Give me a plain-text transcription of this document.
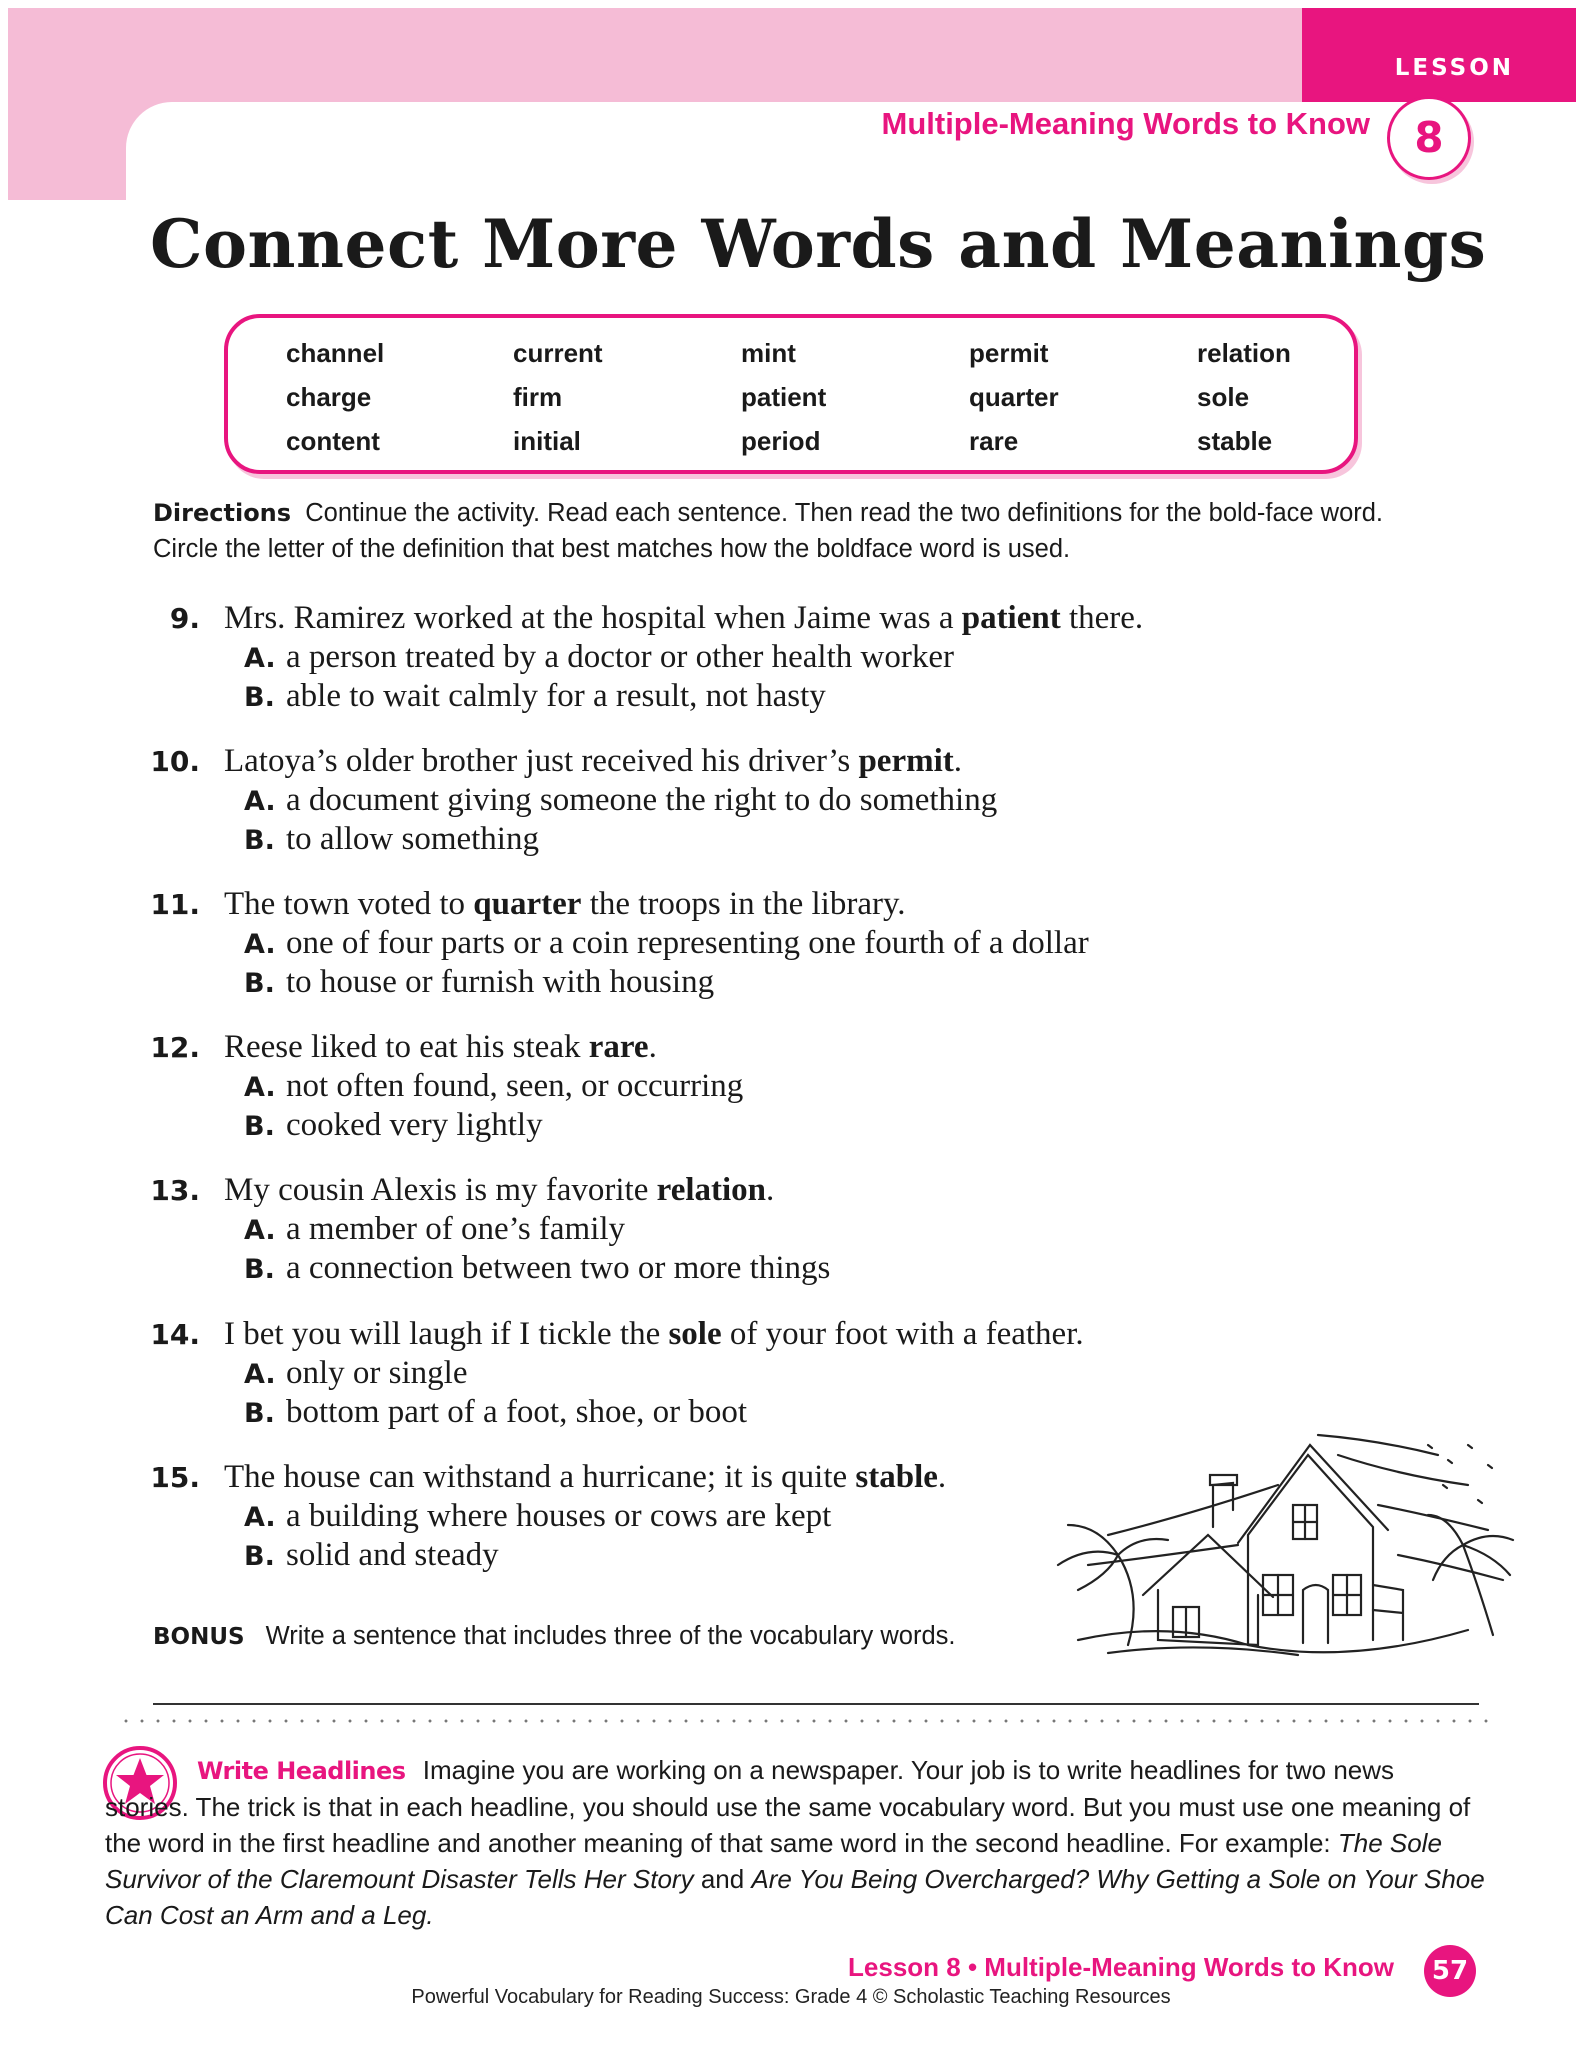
LESSON
Multiple-Meaning Words to Know	8
Connect More Words and Meanings
channel
charge
content
current
firm
initial
mint
patient
period
permit
quarter
rare
relation
sole
stable

Directions Continue the activity. Read each sentence. Then read the two definitions for the bold-face word. Circle the letter of the definition that best matches how the boldface word is used.

9. Mrs. Ramirez worked at the hospital when Jaime was a patient there.
A. a person treated by a doctor or other health worker
B. able to wait calmly for a result, not hasty
10. Latoya’s older brother just received his driver’s permit.
A. a document giving someone the right to do something
B. to allow something
11. The town voted to quarter the troops in the library.
A. one of four parts or a coin representing one fourth of a dollar
B. to house or furnish with housing
12. Reese liked to eat his steak rare.
A. not often found, seen, or occurring
B. cooked very lightly
13. My cousin Alexis is my favorite relation.
A. a member of one’s family
B. a connection between two or more things
14. I bet you will laugh if I tickle the sole of your foot with a feather.
A. only or single
B. bottom part of a foot, shoe, or boot
15. The house can withstand a hurricane; it is quite stable.
A. a building where houses or cows are kept
B. solid and steady
BONUS Write a sentence that includes three of the vocabulary words.

Write Headlines Imagine you are working on a newspaper. Your job is to write headlines for two news stories. The trick is that in each headline, you should use the same vocabulary word. But you must use one meaning of the word in the first headline and another meaning of that same word in the second headline. For example: The Sole Survivor of the Claremount Disaster Tells Her Story and Are You Being Overcharged? Why Getting a Sole on Your Shoe Can Cost an Arm and a Leg.

Lesson 8 • Multiple-Meaning Words to Know	57
Powerful Vocabulary for Reading Success: Grade 4 © Scholastic Teaching Resources
